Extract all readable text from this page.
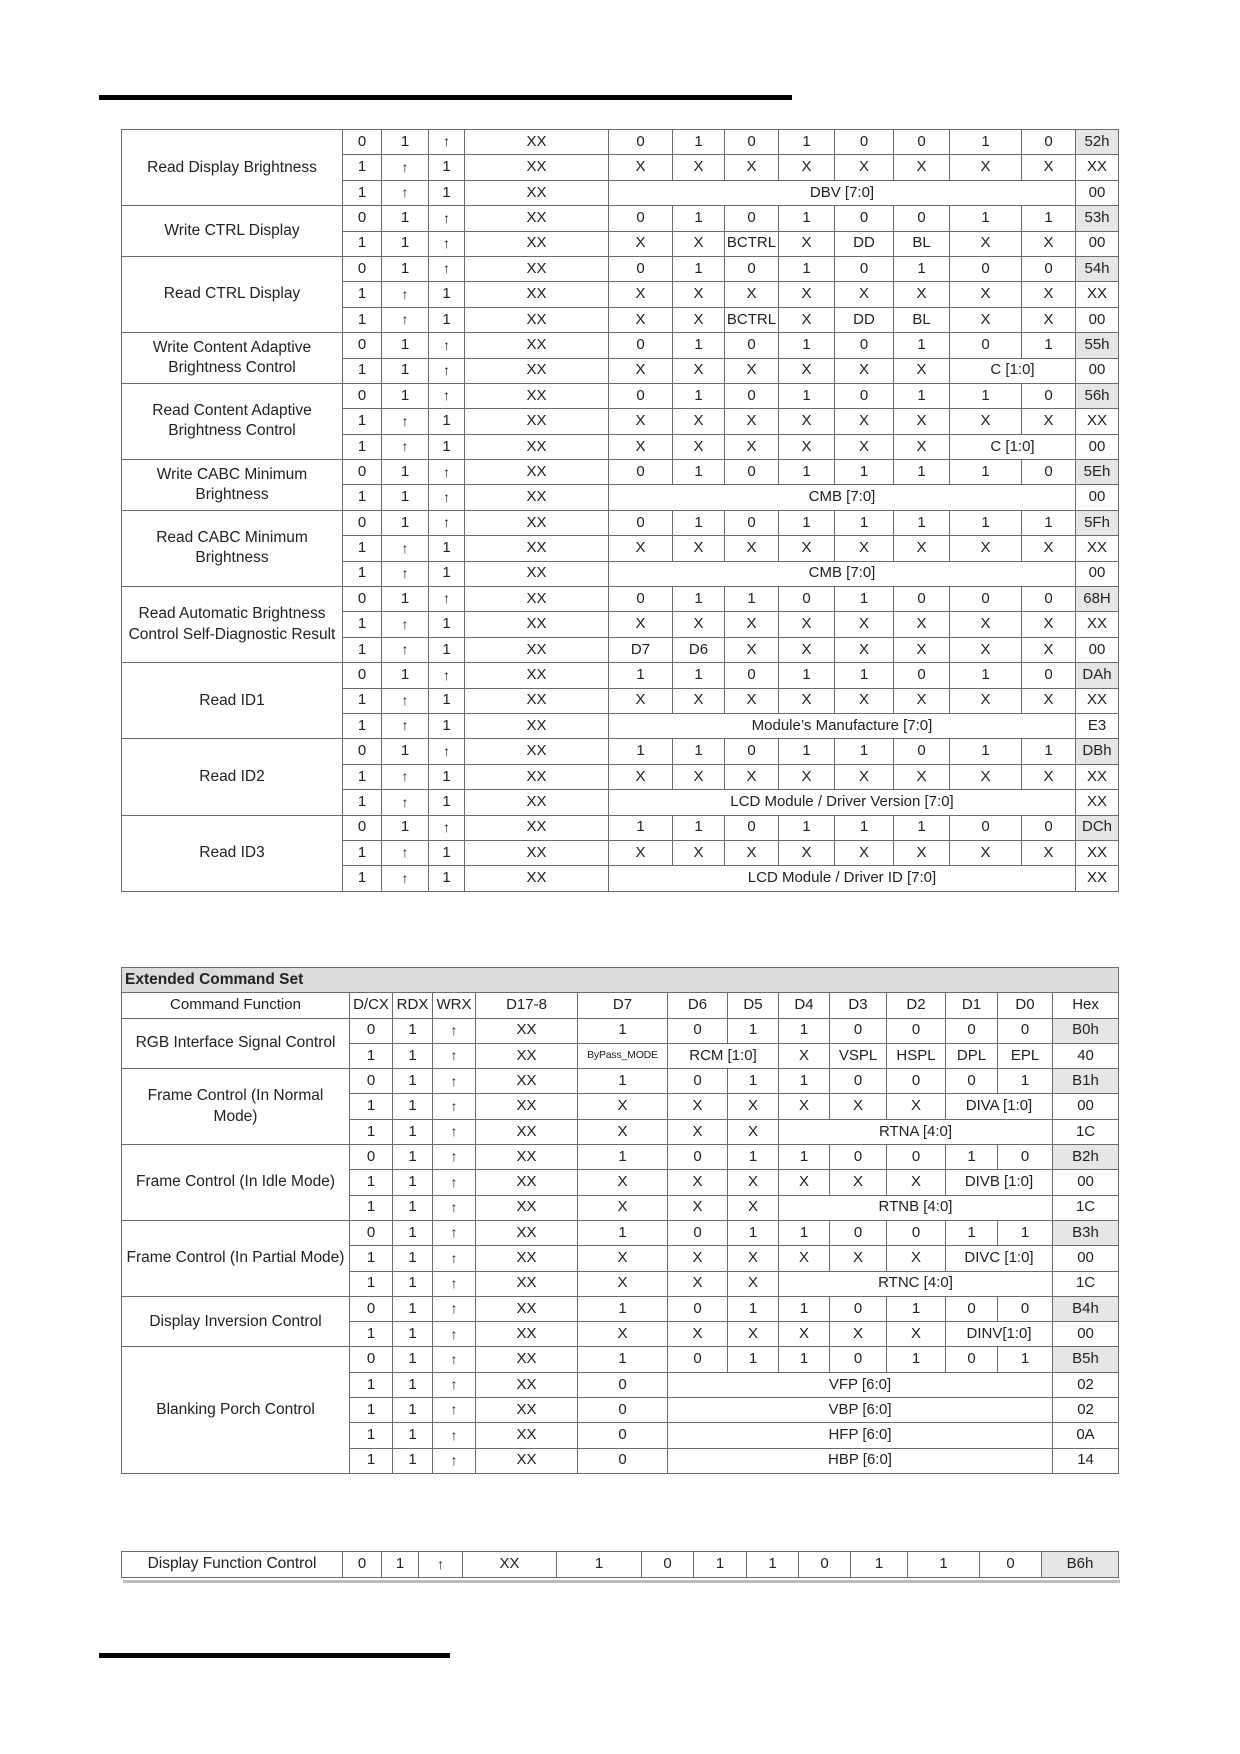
Read Display Brightness	0	1	↑	XX	0	1	0	1	0	0	1	0	52h
	1	↑	1	XX	X	X	X	X	X	X	X	X	XX
	1	↑	1	XX	DBV [7:0]								00
Write CTRL Display	0	1	↑	XX	0	1	0	1	0	0	1	1	53h
	1	1	↑	XX	X	X	BCTRL	X	DD	BL	X	X	00
Read CTRL Display	0	1	↑	XX	0	1	0	1	0	1	0	0	54h
	1	↑	1	XX	X	X	X	X	X	X	X	X	XX
	1	↑	1	XX	X	X	BCTRL	X	DD	BL	X	X	00
Write Content Adaptive Brightness Control	0	1	↑	XX	0	1	0	1	0	1	0	1	55h
	1	1	↑	XX	X	X	X	X	X	X	C [1:0]		00
Read Content Adaptive Brightness Control	0	1	↑	XX	0	1	0	1	0	1	1	0	56h
	1	↑	1	XX	X	X	X	X	X	X	X	X	XX
	1	↑	1	XX	X	X	X	X	X	X	C [1:0]		00
Write CABC Minimum Brightness	0	1	↑	XX	0	1	0	1	1	1	1	0	5Eh
	1	1	↑	XX	CMB [7:0]								00
Read CABC Minimum Brightness	0	1	↑	XX	0	1	0	1	1	1	1	1	5Fh
	1	↑	1	XX	X	X	X	X	X	X	X	X	XX
	1	↑	1	XX	CMB [7:0]								00
Read Automatic Brightness Control Self-Diagnostic Result	0	1	↑	XX	0	1	1	0	1	0	0	0	68H
	1	↑	1	XX	X	X	X	X	X	X	X	X	XX
	1	↑	1	XX	D7	D6	X	X	X	X	X	X	00
Read ID1	0	1	↑	XX	1	1	0	1	1	0	1	0	DAh
	1	↑	1	XX	X	X	X	X	X	X	X	X	XX
	1	↑	1	XX	Module’s Manufacture [7:0]								E3
Read ID2	0	1	↑	XX	1	1	0	1	1	0	1	1	DBh
	1	↑	1	XX	X	X	X	X	X	X	X	X	XX
	1	↑	1	XX	LCD Module / Driver Version [7:0]								XX
Read ID3	0	1	↑	XX	1	1	0	1	1	1	0	0	DCh
	1	↑	1	XX	X	X	X	X	X	X	X	X	XX
	1	↑	1	XX	LCD Module / Driver ID [7:0]								XX
Extended Command Set													
Command Function	D/CX	RDX	WRX	D17-8	D7	D6	D5	D4	D3	D2	D1	D0	Hex
RGB Interface Signal Control	0	1	↑	XX	1	0	1	1	0	0	0	0	B0h
	1	1	↑	XX	ByPass_MODE	RCM [1:0]		X	VSPL	HSPL	DPL	EPL	40
Frame Control (In Normal Mode)	0	1	↑	XX	1	0	1	1	0	0	0	1	B1h
	1	1	↑	XX	X	X	X	X	X	X	DIVA [1:0]		00
	1	1	↑	XX	X	X	X	RTNA [4:0]					1C
Frame Control (In Idle Mode)	0	1	↑	XX	1	0	1	1	0	0	1	0	B2h
	1	1	↑	XX	X	X	X	X	X	X	DIVB [1:0]		00
	1	1	↑	XX	X	X	X	RTNB [4:0]					1C
Frame Control (In Partial Mode)	0	1	↑	XX	1	0	1	1	0	0	1	1	B3h
	1	1	↑	XX	X	X	X	X	X	X	DIVC [1:0]		00
	1	1	↑	XX	X	X	X	RTNC [4:0]					1C
Display Inversion Control	0	1	↑	XX	1	0	1	1	0	1	0	0	B4h
	1	1	↑	XX	X	X	X	X	X	X	DINV[1:0]		00
Blanking Porch Control	0	1	↑	XX	1	0	1	1	0	1	0	1	B5h
	1	1	↑	XX	0	VFP [6:0]							02
	1	1	↑	XX	0	VBP [6:0]							02
	1	1	↑	XX	0	HFP [6:0]							0A
	1	1	↑	XX	0	HBP [6:0]							14
Display Function Control	0	1	↑	XX	1	0	1	1	0	1	1	0	B6h
